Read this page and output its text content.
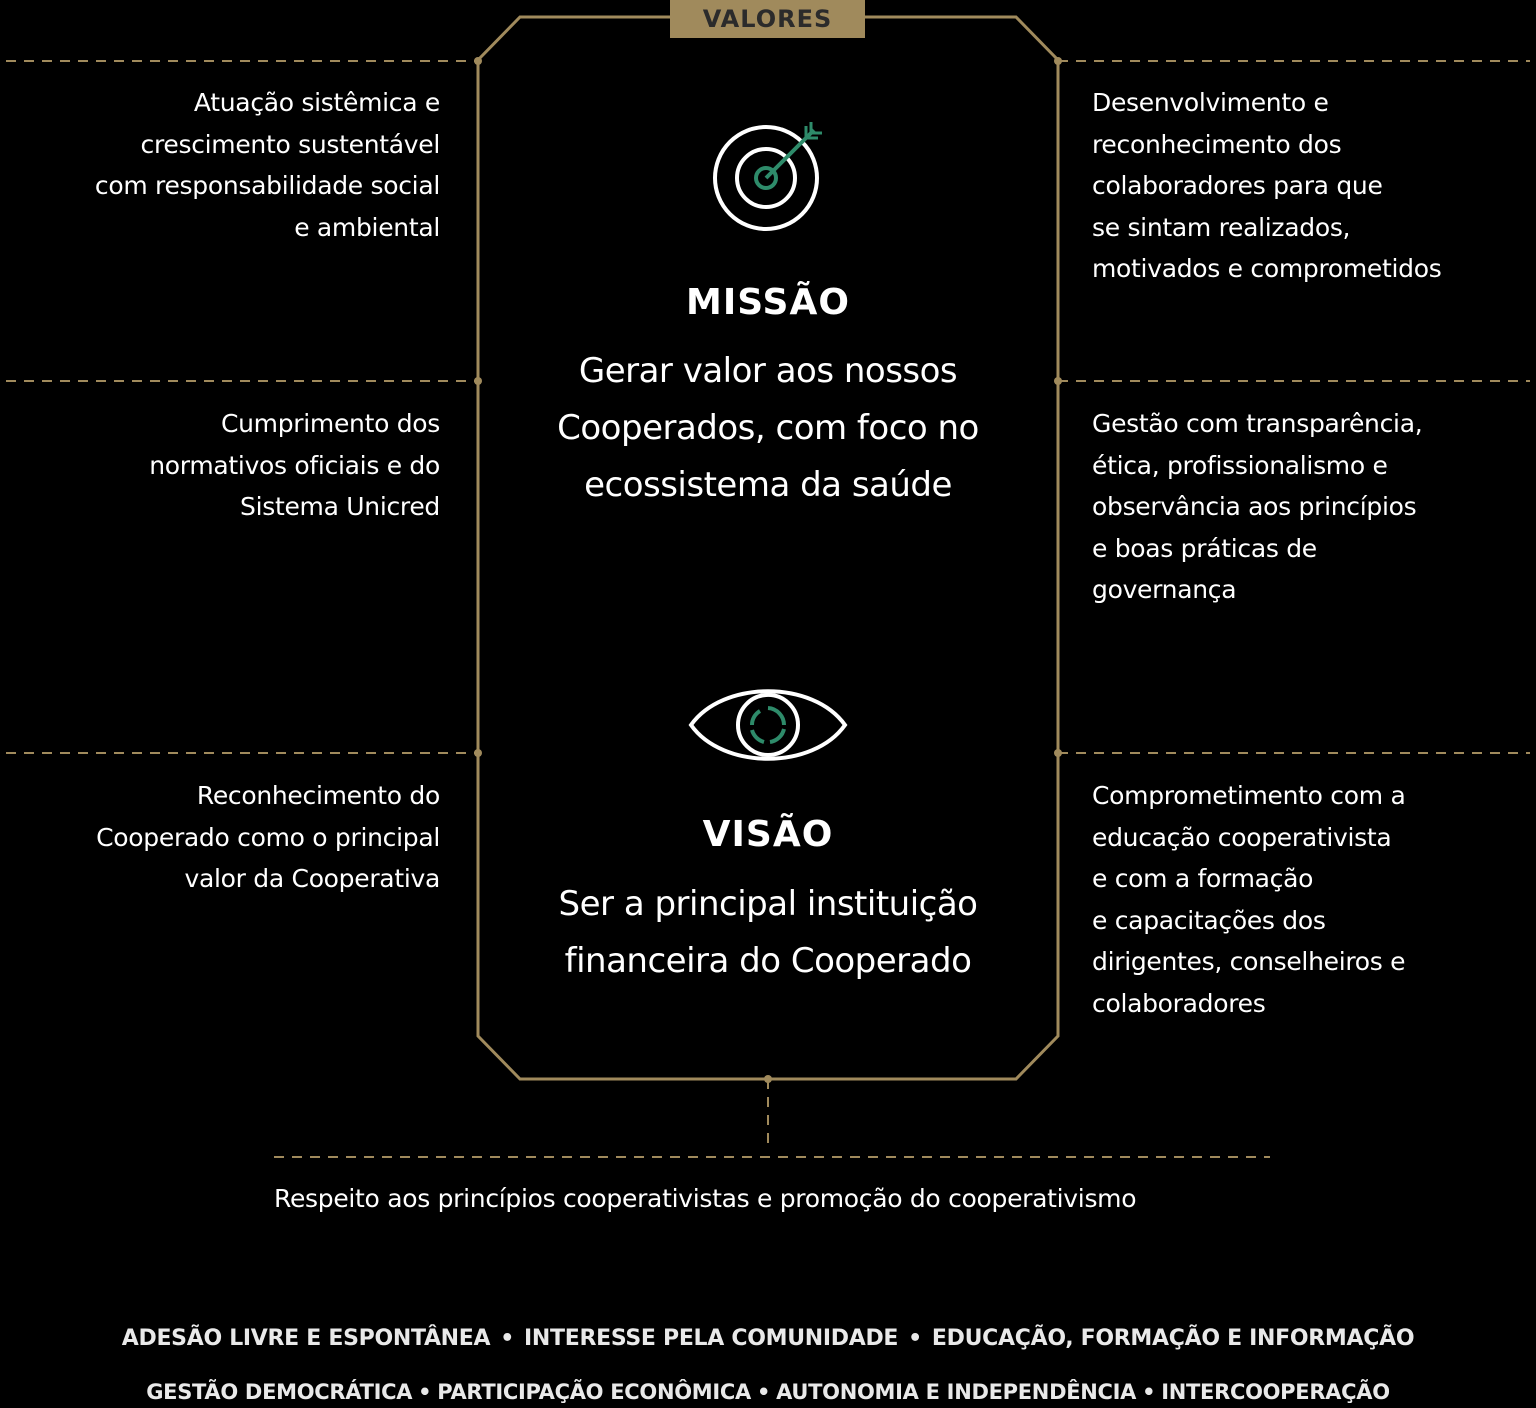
VALORES
Atuação sistêmica e
crescimento sustentável
com responsabilidade social
e ambiental
Cumprimento dos
normativos oficiais e do
Sistema Unicred
Reconhecimento do
Cooperado como o principal
valor da Cooperativa
Desenvolvimento e
reconhecimento dos
colaboradores para que
se sintam realizados,
motivados e comprometidos
Gestão com transparência,
ética, profissionalismo e
observância aos princípios
e boas práticas de
governança
Comprometimento com a
educação cooperativista
e com a formação
e capacitações dos
dirigentes, conselheiros e
colaboradores
MISSÃO
Gerar valor aos nossos
Cooperados, com foco no
ecossistema da saúde
VISÃO
Ser a principal instituição
financeira do Cooperado
Respeito aos princípios cooperativistas e promoção do cooperativismo
ADESÃO LIVRE E ESPONTÂNEA • INTERESSE PELA COMUNIDADE • EDUCAÇÃO, FORMAÇÃO E INFORMAÇÃO
GESTÃO DEMOCRÁTICA • PARTICIPAÇÃO ECONÔMICA • AUTONOMIA E INDEPENDÊNCIA • INTERCOOPERAÇÃO
